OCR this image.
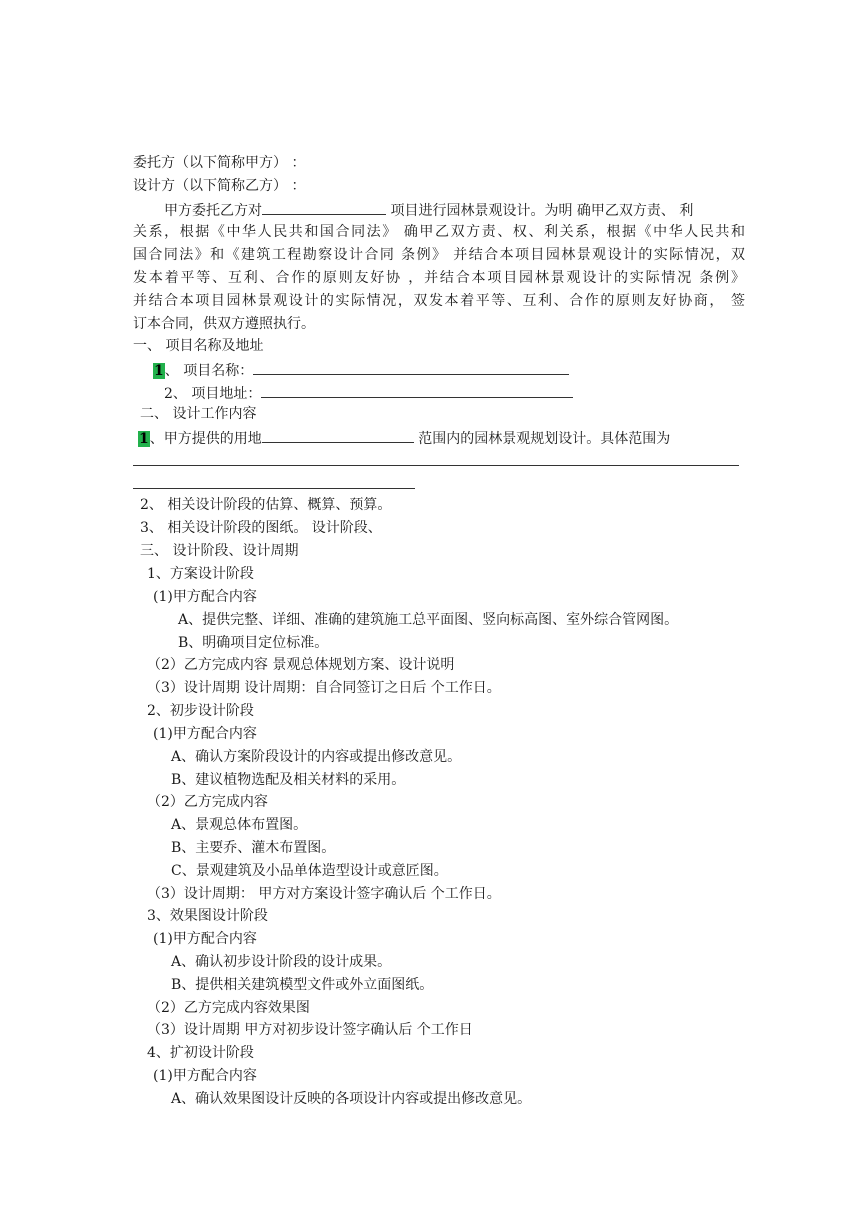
委托方（以下简称甲方） ：
设计方（以下简称乙方） ：
甲方委托乙方对	项目进行园林景观设计。为明 确甲乙双方责、 利
关系，根据《中华人民共和国合同法》 确甲乙双方责、权、利关系，根据《中华人民共和
国合同法》和《建筑工程勘察设计合同 条例》 并结合本项目园林景观设计的实际情况，双
发本着平等、互利、合作的原则友好协 ，并结合本项目园林景观设计的实际情况 条例》
并结合本项目园林景观设计的实际情况，双发本着平等、互利、合作的原则友好协商， 签
订本合同，供双方遵照执行。
一、 项目名称及地址
1、 项目名称：
2、 项目地址：
二、 设计工作内容
1、甲方提供的用地	范围内的园林景观规划设计。具体范围为
2、 相关设计阶段的估算、概算、预算。
3、 相关设计阶段的图纸。 设计阶段、
三、 设计阶段、设计周期
1、方案设计阶段
(1)甲方配合内容
A、提供完整、详细、准确的建筑施工总平面图、竖向标高图、室外综合管网图。
B、明确项目定位标准。
（2）乙方完成内容 景观总体规划方案、设计说明
（3）设计周期 设计周期：自合同签订之日后 个工作日。
2、初步设计阶段
(1)甲方配合内容
A、确认方案阶段设计的内容或提出修改意见。
B、建议植物选配及相关材料的采用。
（2）乙方完成内容
A、景观总体布置图。
B、主要乔、灌木布置图。
C、景观建筑及小品单体造型设计或意匠图。
（3）设计周期： 甲方对方案设计签字确认后 个工作日。
3、效果图设计阶段
(1)甲方配合内容
A、确认初步设计阶段的设计成果。
B、提供相关建筑模型文件或外立面图纸。
（2）乙方完成内容效果图
（3）设计周期 甲方对初步设计签字确认后 个工作日
4、扩初设计阶段
(1)甲方配合内容
A、确认效果图设计反映的各项设计内容或提出修改意见。
